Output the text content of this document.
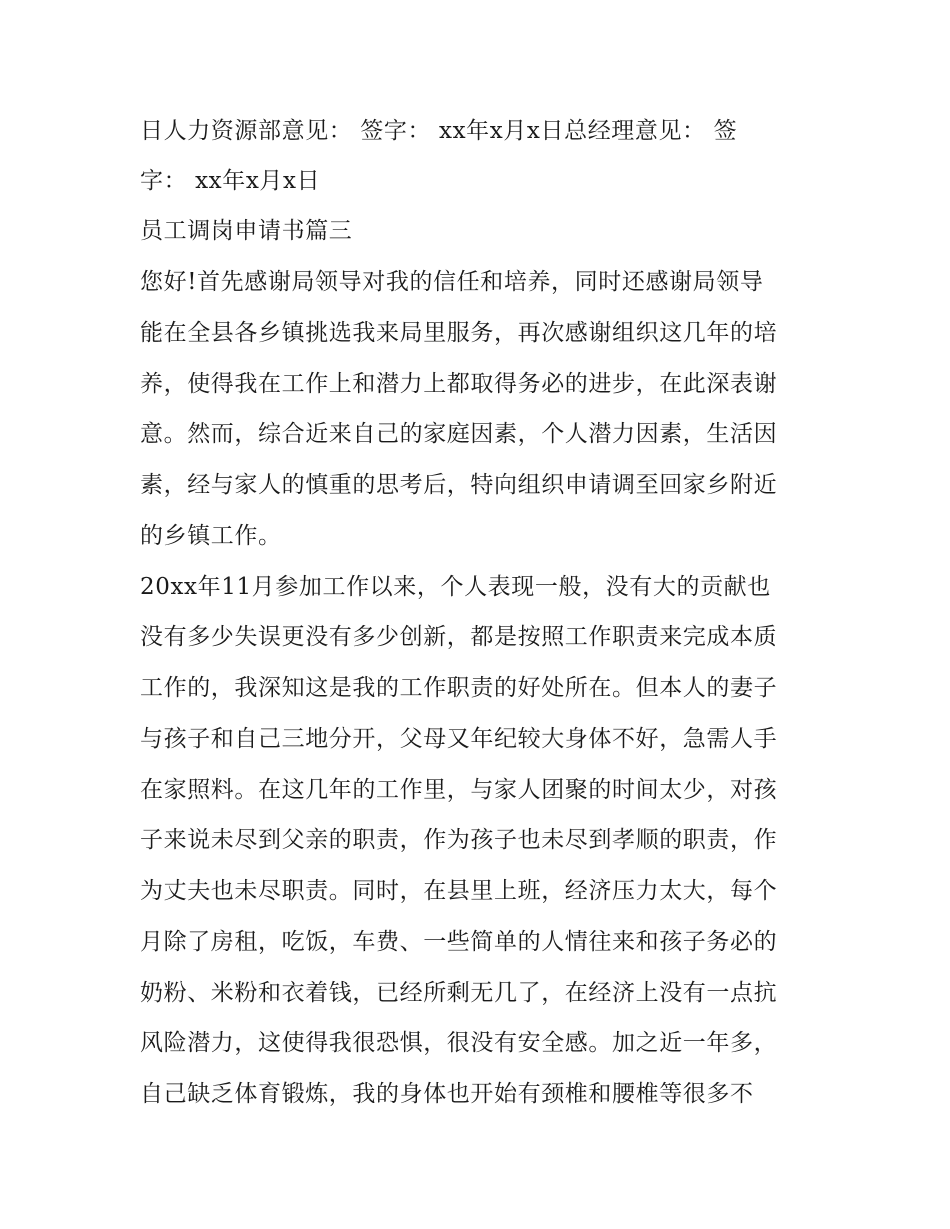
日人力资源部意见： 签字： xx年x月x日总经理意见： 签
字： xx年x月x日
员工调岗申请书篇三
您好!首先感谢局领导对我的信任和培养，同时还感谢局领导
能在全县各乡镇挑选我来局里服务，再次感谢组织这几年的培
养，使得我在工作上和潜力上都取得务必的进步，在此深表谢
意。然而，综合近来自己的家庭因素，个人潜力因素，生活因
素，经与家人的慎重的思考后，特向组织申请调至回家乡附近
的乡镇工作。
20xx年11月参加工作以来，个人表现一般，没有大的贡献也
没有多少失误更没有多少创新，都是按照工作职责来完成本质
工作的，我深知这是我的工作职责的好处所在。但本人的妻子
与孩子和自己三地分开，父母又年纪较大身体不好，急需人手
在家照料。在这几年的工作里，与家人团聚的时间太少，对孩
子来说未尽到父亲的职责，作为孩子也未尽到孝顺的职责，作
为丈夫也未尽职责。同时，在县里上班，经济压力太大，每个
月除了房租，吃饭，车费、一些简单的人情往来和孩子务必的
奶粉、米粉和衣着钱，已经所剩无几了，在经济上没有一点抗
风险潜力，这使得我很恐惧，很没有安全感。加之近一年多，
自己缺乏体育锻炼，我的身体也开始有颈椎和腰椎等很多不
